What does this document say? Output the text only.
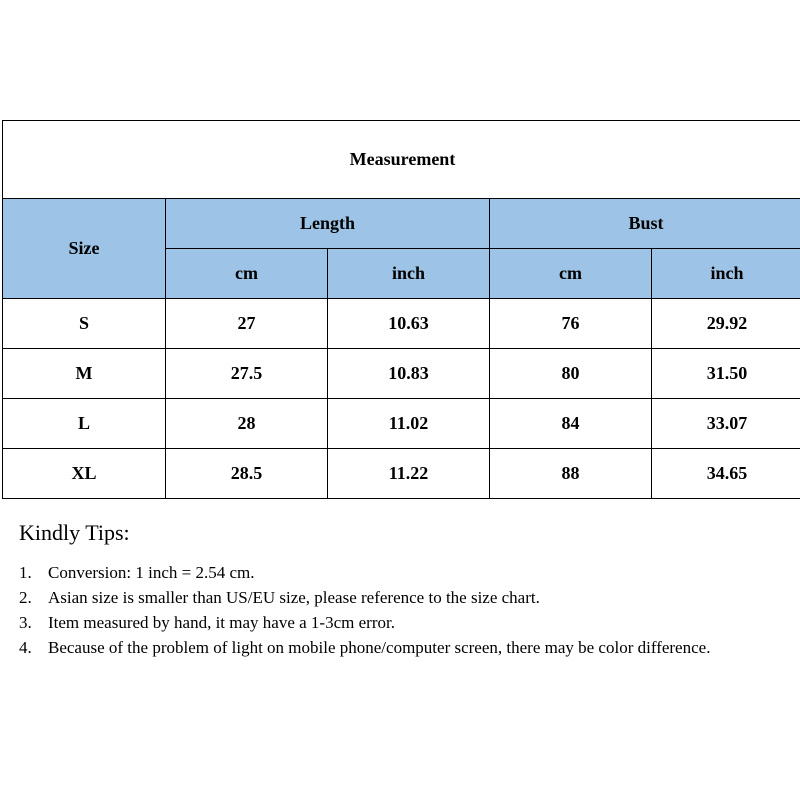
Measurement				
Size	Length		Bust	
	cm	inch	cm	inch
S	27	10.63	76	29.92
M	27.5	10.83	80	31.50
L	28	11.02	84	33.07
XL	28.5	11.22	88	34.65

Kindly Tips:

1. Conversion: 1 inch = 2.54 cm.
2. Asian size is smaller than US/EU size, please reference to the size chart.
3. Item measured by hand, it may have a 1-3cm error.
4. Because of the problem of light on mobile phone/computer screen, there may be color difference.
